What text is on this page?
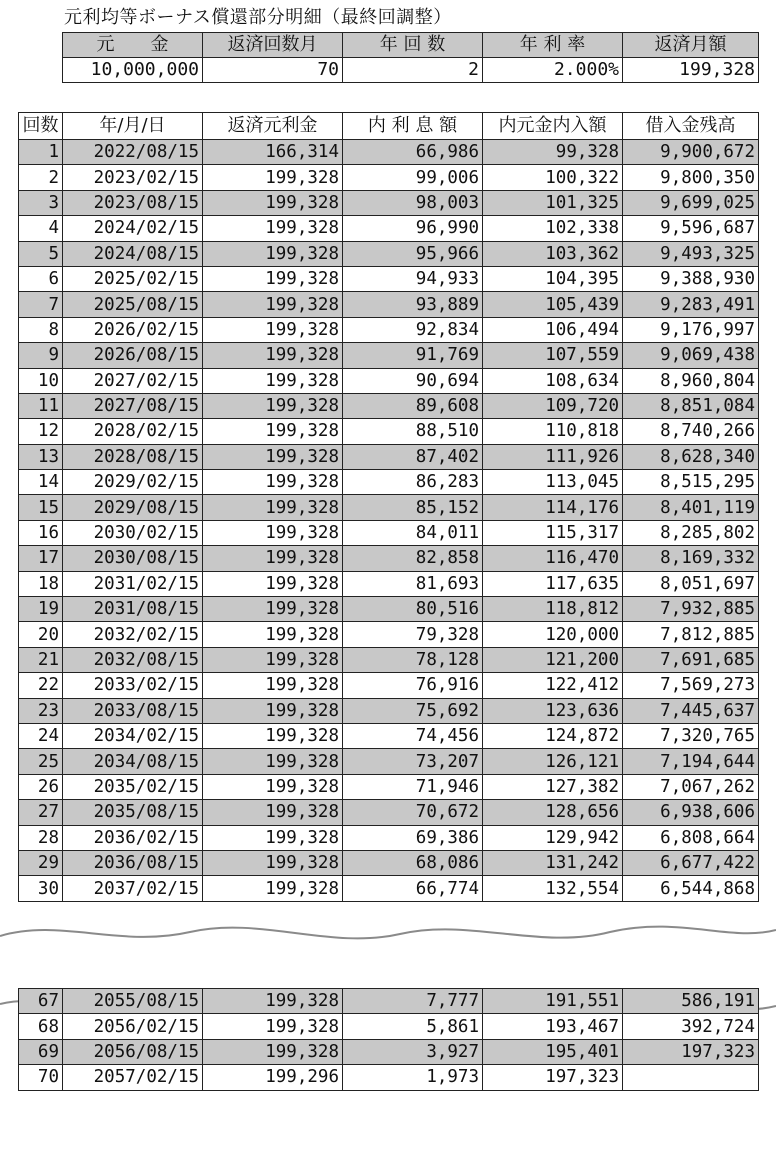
元利均等ボーナス償還部分明細（最終回調整）
元　　金	返済回数月	年 回 数	年 利 率	返済月額
10,000,000	70	2	2.000%	199,328
回数	年/月/日	返済元利金	内 利 息 額	内元金内入額	借入金残高
1	2022/08/15	166,314	66,986	99,328	9,900,672
2	2023/02/15	199,328	99,006	100,322	9,800,350
3	2023/08/15	199,328	98,003	101,325	9,699,025
4	2024/02/15	199,328	96,990	102,338	9,596,687
5	2024/08/15	199,328	95,966	103,362	9,493,325
6	2025/02/15	199,328	94,933	104,395	9,388,930
7	2025/08/15	199,328	93,889	105,439	9,283,491
8	2026/02/15	199,328	92,834	106,494	9,176,997
9	2026/08/15	199,328	91,769	107,559	9,069,438
10	2027/02/15	199,328	90,694	108,634	8,960,804
11	2027/08/15	199,328	89,608	109,720	8,851,084
12	2028/02/15	199,328	88,510	110,818	8,740,266
13	2028/08/15	199,328	87,402	111,926	8,628,340
14	2029/02/15	199,328	86,283	113,045	8,515,295
15	2029/08/15	199,328	85,152	114,176	8,401,119
16	2030/02/15	199,328	84,011	115,317	8,285,802
17	2030/08/15	199,328	82,858	116,470	8,169,332
18	2031/02/15	199,328	81,693	117,635	8,051,697
19	2031/08/15	199,328	80,516	118,812	7,932,885
20	2032/02/15	199,328	79,328	120,000	7,812,885
21	2032/08/15	199,328	78,128	121,200	7,691,685
22	2033/02/15	199,328	76,916	122,412	7,569,273
23	2033/08/15	199,328	75,692	123,636	7,445,637
24	2034/02/15	199,328	74,456	124,872	7,320,765
25	2034/08/15	199,328	73,207	126,121	7,194,644
26	2035/02/15	199,328	71,946	127,382	7,067,262
27	2035/08/15	199,328	70,672	128,656	6,938,606
28	2036/02/15	199,328	69,386	129,942	6,808,664
29	2036/08/15	199,328	68,086	131,242	6,677,422
30	2037/02/15	199,328	66,774	132,554	6,544,868
67	2055/08/15	199,328	7,777	191,551	586,191
68	2056/02/15	199,328	5,861	193,467	392,724
69	2056/08/15	199,328	3,927	195,401	197,323
70	2057/02/15	199,296	1,973	197,323	
